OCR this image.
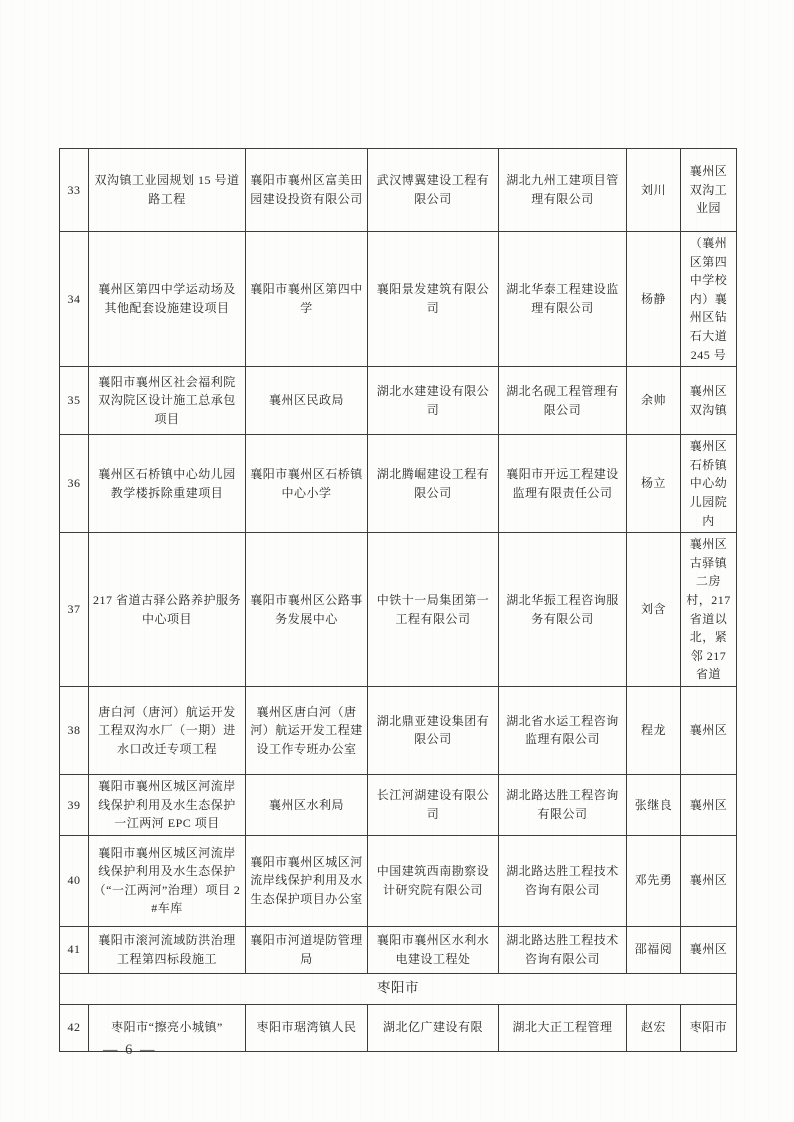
33	双沟镇工业园规划 15 号道路工程	襄阳市襄州区富美田园建设投资有限公司	武汉博翼建设工程有限公司	湖北九州工建项目管理有限公司	刘川	襄州区双沟工业园
34	襄州区第四中学运动场及其他配套设施建设项目	襄阳市襄州区第四中学	襄阳景发建筑有限公司	湖北华泰工程建设监理有限公司	杨静	（襄州区第四中学校内）襄州区钻石大道 245 号
35	襄阳市襄州区社会福利院双沟院区设计施工总承包项目	襄州区民政局	湖北水建建设有限公司	湖北名砚工程管理有限公司	余帅	襄州区双沟镇
36	襄州区石桥镇中心幼儿园教学楼拆除重建项目	襄阳市襄州区石桥镇中心小学	湖北腾崛建设工程有限公司	襄阳市开远工程建设监理有限责任公司	杨立	襄州区石桥镇中心幼儿园院内
37	217 省道古驿公路养护服务中心项目	襄阳市襄州区公路事务发展中心	中铁十一局集团第一工程有限公司	湖北华振工程咨询服务有限公司	刘含	襄州区古驿镇二房村，217 省道以北，紧邻 217 省道
38	唐白河（唐河）航运开发工程双沟水厂（一期）进水口改迁专项工程	襄州区唐白河（唐河）航运开发工程建设工作专班办公室	湖北鼎亚建设集团有限公司	湖北省水运工程咨询监理有限公司	程龙	襄州区
39	襄阳市襄州区城区河流岸线保护利用及水生态保护一江两河 EPC 项目	襄州区水利局	长江河湖建设有限公司	湖北路达胜工程咨询有限公司	张继良	襄州区
40	襄阳市襄州区城区河流岸线保护利用及水生态保护（“一江两河”治理）项目 2#车库	襄阳市襄州区城区河流岸线保护利用及水生态保护项目办公室	中国建筑西南勘察设计研究院有限公司	湖北路达胜工程技术咨询有限公司	邓先勇	襄州区
41	襄阳市滚河流域防洪治理工程第四标段施工	襄阳市河道堤防管理局	襄阳市襄州区水利水电建设工程处	湖北路达胜工程技术咨询有限公司	邵福阅	襄州区
枣阳市						
42	枣阳市“擦亮小城镇”	枣阳市琚湾镇人民	湖北亿广建设有限	湖北大正工程管理	赵宏	枣阳市
— 6 —
